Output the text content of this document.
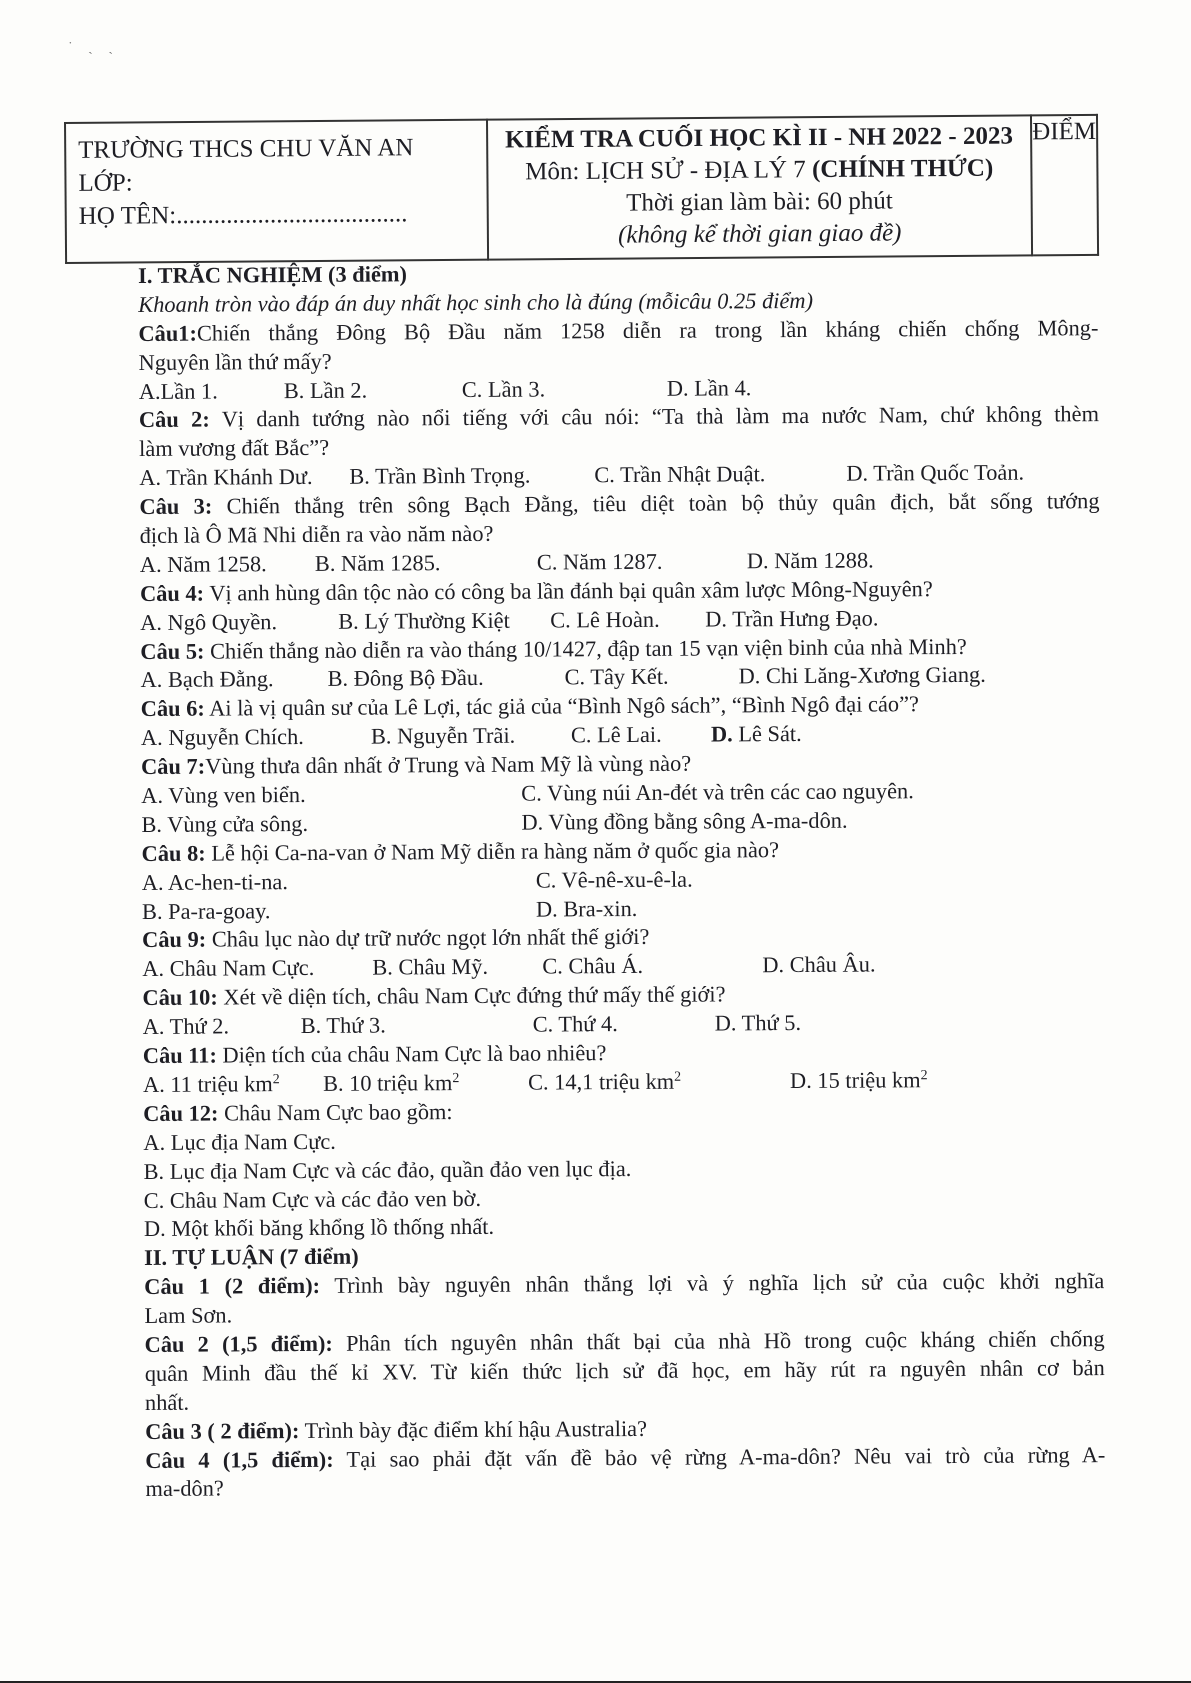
˙ ˏ ˎ
TRƯỜNG THCS CHU VĂN AN
LỚP:
HỌ TÊN:.....................................

KIỂM TRA CUỐI HỌC KÌ II - NH 2022 - 2023
Môn: LỊCH SỬ - ĐỊA LÝ 7 (CHÍNH THỨC)
Thời gian làm bài: 60 phút
(không kể thời gian giao đề)

ĐIỂM
I. TRẮC NGHIỆM (3 điểm)
Khoanh tròn vào đáp án duy nhất học sinh cho là đúng (mỗicâu 0.25 điểm)
Câu1:Chiến thắng Đông Bộ Đầu năm 1258 diễn ra trong lần kháng chiến chống Mông-
Nguyên lần thứ mấy?
A.Lần 1.	B. Lần 2.	C. Lần 3.	D. Lần 4.
Câu 2: Vị danh tướng nào nổi tiếng với câu nói: “Ta thà làm ma nước Nam, chứ không thèm
làm vương đất Bắc”?
A. Trần Khánh Dư. B. Trần Bình Trọng.	C. Trần Nhật Duật.	D. Trần Quốc Toản.
Câu 3: Chiến thắng trên sông Bạch Đằng, tiêu diệt toàn bộ thủy quân địch, bắt sống tướng
địch là Ô Mã Nhi diễn ra vào năm nào?
A. Năm 1258. B. Năm 1285.	C. Năm 1287.	D. Năm 1288.
Câu 4: Vị anh hùng dân tộc nào có công ba lần đánh bại quân xâm lược Mông-Nguyên?
A. Ngô Quyền.	B. Lý Thường Kiệt C. Lê Hoàn. D. Trần Hưng Đạo.
Câu 5: Chiến thắng nào diễn ra vào tháng 10/1427, đập tan 15 vạn viện binh của nhà Minh?
A. Bạch Đằng. B. Đông Bộ Đầu.	C. Tây Kết.	D. Chi Lăng-Xương Giang.
Câu 6: Ai là vị quân sư của Lê Lợi, tác giả của “Bình Ngô sách”, “Bình Ngô đại cáo”?
A. Nguyễn Chích.	B. Nguyễn Trãi. C. Lê Lai. D. Lê Sát.
Câu 7:Vùng thưa dân nhất ở Trung và Nam Mỹ là vùng nào?
A. Vùng ven biển.	C. Vùng núi An-đét và trên các cao nguyên.
B. Vùng cửa sông.	D. Vùng đồng bằng sông A-ma-dôn.
Câu 8: Lễ hội Ca-na-van ở Nam Mỹ diễn ra hàng năm ở quốc gia nào?
A. Ac-hen-ti-na.	C. Vê-nê-xu-ê-la.
B. Pa-ra-goay.	D. Bra-xin.
Câu 9: Châu lục nào dự trữ nước ngọt lớn nhất thế giới?
A. Châu Nam Cực.	B. Châu Mỹ. C. Châu Á.	D. Châu Âu.
Câu 10: Xét về diện tích, châu Nam Cực đứng thứ mấy thế giới?
A. Thứ 2.	B. Thứ 3.	C. Thứ 4.	D. Thứ 5.
Câu 11: Diện tích của châu Nam Cực là bao nhiêu?
A. 11 triệu $km^2$ B. 10 triệu $km^2$	C. 14,1 triệu $km^2$	D. 15 triệu $km^2$
Câu 12: Châu Nam Cực bao gồm:
A. Lục địa Nam Cực.
B. Lục địa Nam Cực và các đảo, quần đảo ven lục địa.
C. Châu Nam Cực và các đảo ven bờ.
D. Một khối băng khổng lồ thống nhất.
II. TỰ LUẬN (7 điểm)
Câu 1 (2 điểm): Trình bày nguyên nhân thắng lợi và ý nghĩa lịch sử của cuộc khởi nghĩa
Lam Sơn.
Câu 2 (1,5 điểm): Phân tích nguyên nhân thất bại của nhà Hồ trong cuộc kháng chiến chống
quân Minh đầu thế kỉ XV. Từ kiến thức lịch sử đã học, em hãy rút ra nguyên nhân cơ bản
nhất.
Câu 3 ( 2 điểm): Trình bày đặc điểm khí hậu Australia?
Câu 4 (1,5 điểm): Tại sao phải đặt vấn đề bảo vệ rừng A-ma-dôn? Nêu vai trò của rừng A-
ma-dôn?
